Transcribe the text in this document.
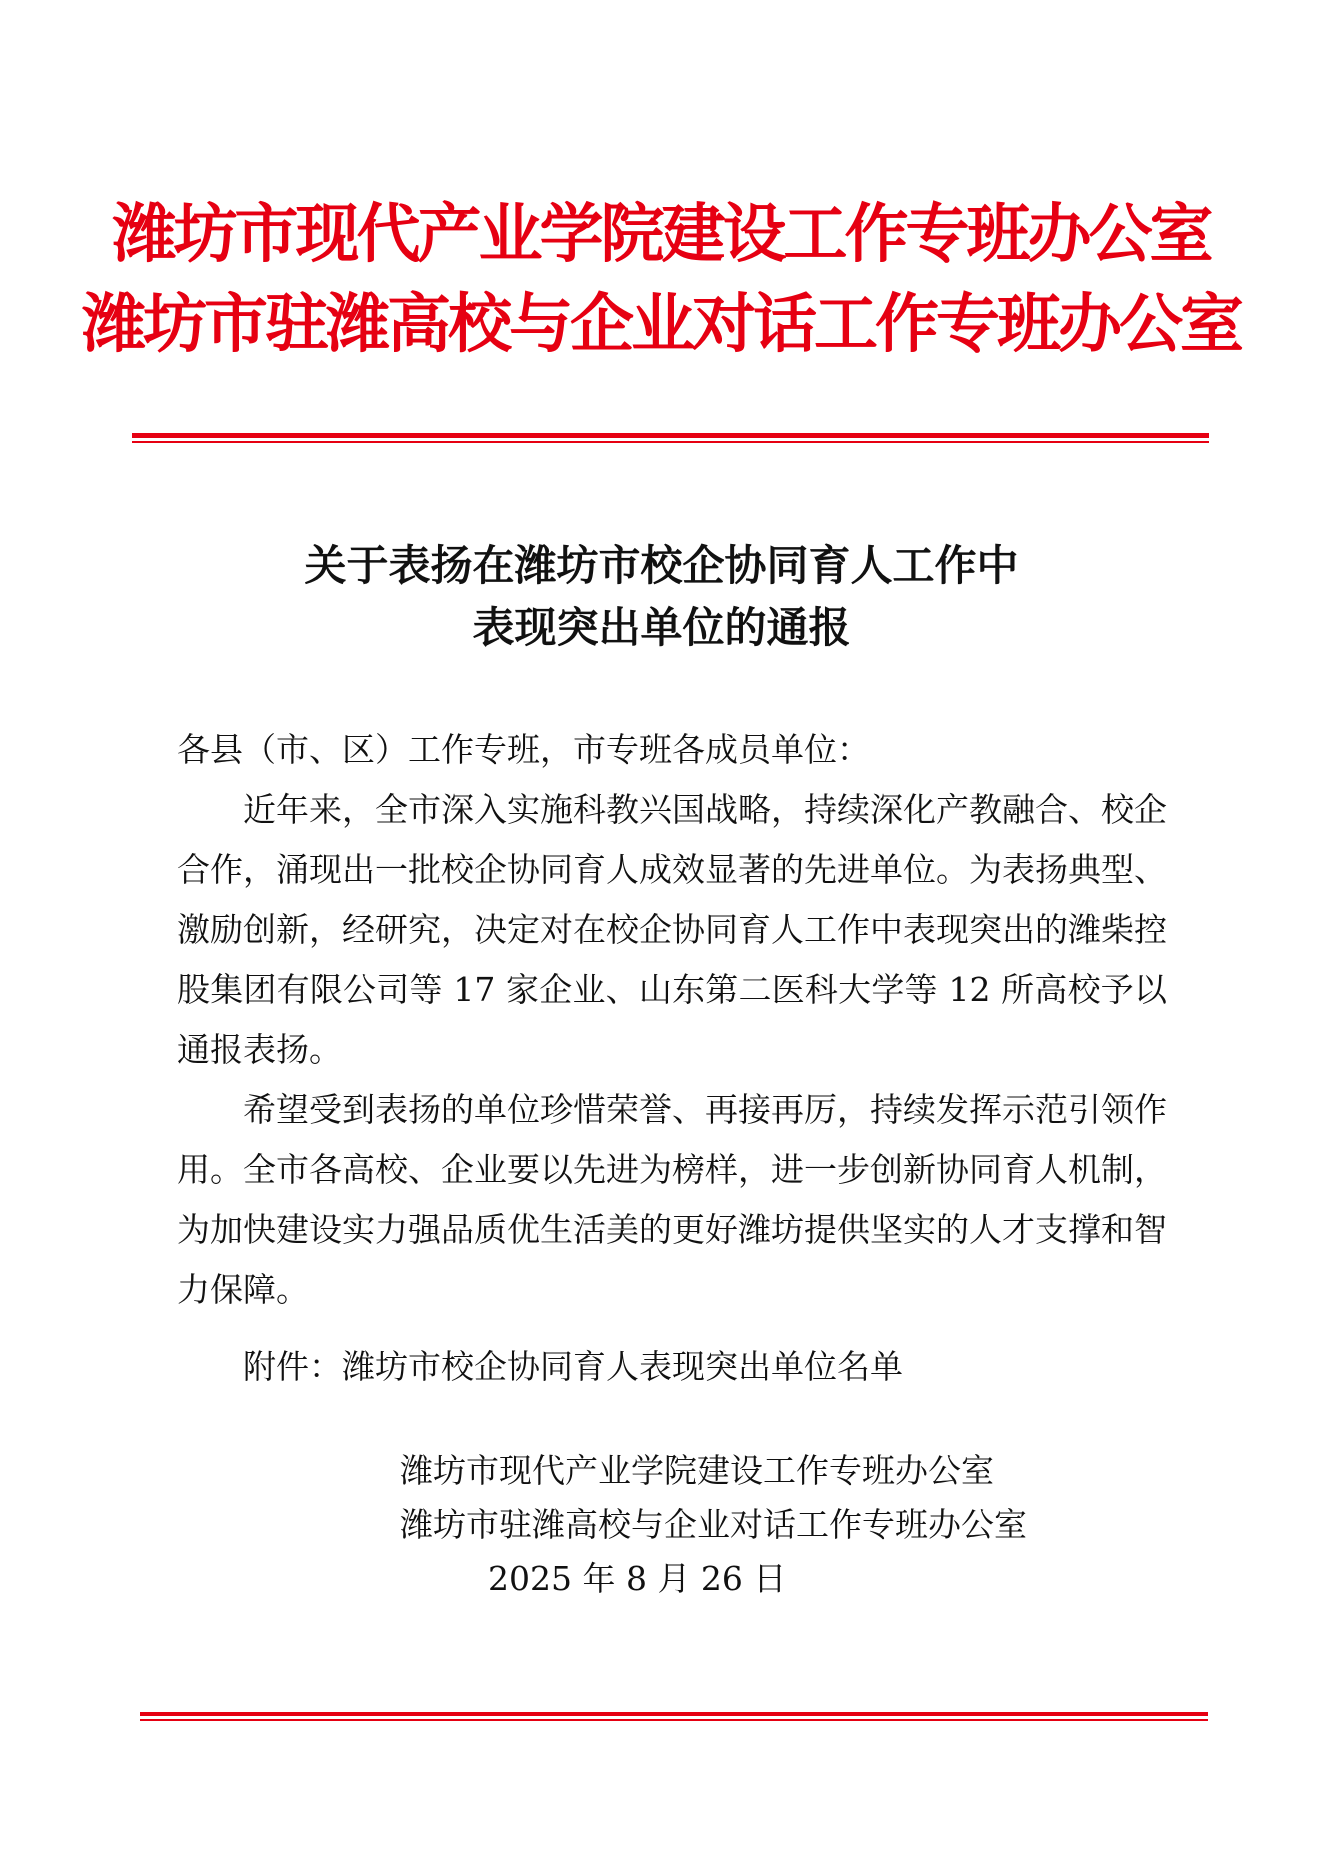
潍坊市现代产业学院建设工作专班办公室
潍坊市驻潍高校与企业对话工作专班办公室
关于表扬在潍坊市校企协同育人工作中
表现突出单位的通报

各县（市、区）工作专班，市专班各成员单位：

近年来，全市深入实施科教兴国战略，持续深化产教融合、校企合作，涌现出一批校企协同育人成效显著的先进单位。为表扬典型、激励创新，经研究，决定对在校企协同育人工作中表现突出的潍柴控股集团有限公司等 17 家企业、山东第二医科大学等 12 所高校予以通报表扬。

希望受到表扬的单位珍惜荣誉、再接再厉，持续发挥示范引领作用。全市各高校、企业要以先进为榜样，进一步创新协同育人机制，为加快建设实力强品质优生活美的更好潍坊提供坚实的人才支撑和智力保障。

附件：潍坊市校企协同育人表现突出单位名单
潍坊市现代产业学院建设工作专班办公室
潍坊市驻潍高校与企业对话工作专班办公室
2025 年 8 月 26 日
